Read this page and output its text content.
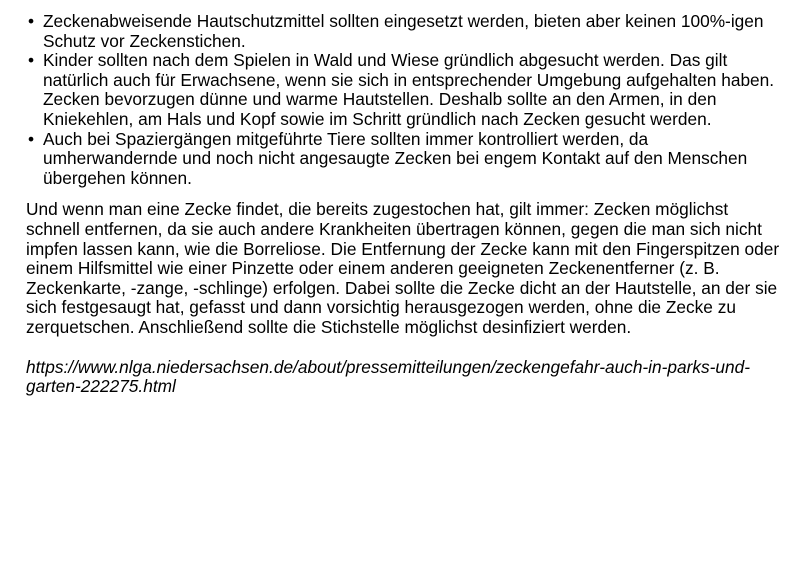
• Zeckenabweisende Hautschutzmittel sollten eingesetzt werden, bieten aber keinen 100%-igen Schutz vor Zeckenstichen.
• Kinder sollten nach dem Spielen in Wald und Wiese gründlich abgesucht werden. Das gilt natürlich auch für Erwachsene, wenn sie sich in entsprechender Umgebung aufgehalten haben. Zecken bevorzugen dünne und warme Hautstellen. Deshalb sollte an den Armen, in den Kniekehlen, am Hals und Kopf sowie im Schritt gründlich nach Zecken gesucht werden.
• Auch bei Spaziergängen mitgeführte Tiere sollten immer kontrolliert werden, da umherwandernde und noch nicht angesaugte Zecken bei engem Kontakt auf den Menschen übergehen können.

Und wenn man eine Zecke findet, die bereits zugestochen hat, gilt immer: Zecken möglichst schnell entfernen, da sie auch andere Krankheiten übertragen können, gegen die man sich nicht impfen lassen kann, wie die Borreliose. Die Entfernung der Zecke kann mit den Fingerspitzen oder einem Hilfsmittel wie einer Pinzette oder einem anderen geeigneten Zeckenentferner (z. B. Zeckenkarte, -zange, -schlinge) erfolgen. Dabei sollte die Zecke dicht an der Hautstelle, an der sie sich festgesaugt hat, gefasst und dann vorsichtig herausgezogen werden, ohne die Zecke zu zerquetschen. Anschließend sollte die Stichstelle möglichst desinfiziert werden.

https://www.nlga.niedersachsen.de/about/pressemitteilungen/zeckengefahr-auch-in-parks-und-garten-222275.html
